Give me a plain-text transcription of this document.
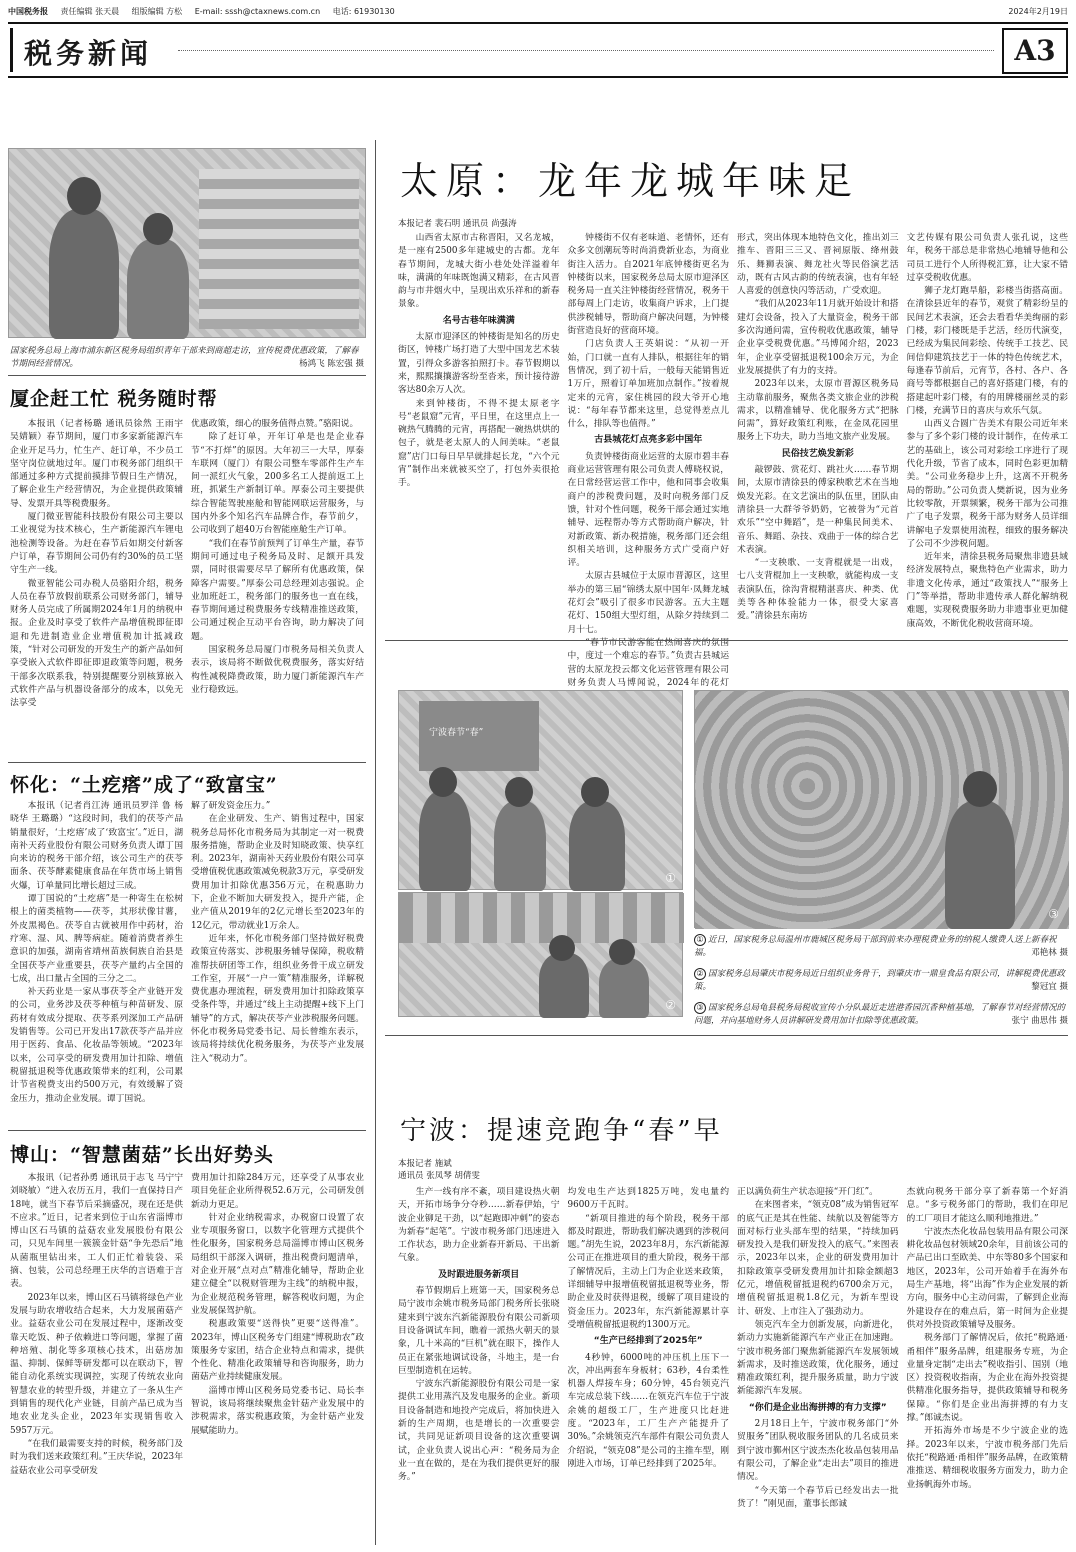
中国税务报 责任编辑 张天晨 组版编辑 方松 E-mail: sssh@ctaxnews.com.cn 电话: 61930130	2024年2月19日
税务新闻	A3
国家税务总局上海市浦东新区税务局组织青年干部来到商超走访，宣传税费优惠政策，了解春节期间经营情况。	杨鸿飞 陈宏强 摄
厦企赶工忙 税务随时帮

本报讯（记者杨璐 通讯员徐然 王雨宇 吴婧颖）春节期间，厦门市多家新能源汽车企业开足马力，忙生产、赶订单，不少员工坚守岗位就地过年。厦门市税务部门组织干部通过多种方式提前摸排节假日生产情况，了解企业生产经营情况，为企业提供政策辅导、发票开具等税费服务。

厦门微亚智能科技股份有限公司主要以工业视觉为技术核心，生产新能源汽车锂电池检测等设备。为赶在春节后如期交付新客户订单，春节期间公司仍有约30%的员工坚守生产一线。

微亚智能公司办税人员骆阳介绍，税务人员在春节放假前联系公司财务部门，辅导财务人员完成了所属期2024年1月的纳税申报。企业及时享受了软件产品增值税即征即退和先进制造业企业增值税加计抵减政策，“针对公司研发的开发生产的新产品如何享受嵌入式软件即征即退政策等问题，税务干部多次联系我，特别提醒要分别核算嵌入式软件产品与机器设备部分的成本，以免无法享受

优惠政策，细心的服务值得点赞。”骆阳说。

除了赶订单，开年订单是也是企业春节“不打烊”的原因。大年初三一大早，厚泰车联网（厦门）有限公司整车零部件生产车间一派红火气象，200多名工人提前返工上班，抓紧生产新制订单。厚泰公司主要提供综合智能驾驶座舱和智能网联运营服务，与国内外多个知名汽车品牌合作，春节前夕，公司收到了超40万台智能座舱生产订单。

“我们在春节前预判了订单生产量，春节期间可通过电子税务局及时、足额开具发票，同时很需要尽早了解所有优惠政策，保障客户需要。”厚泰公司总经理刘志强说。企业加班赶工，税务部门的服务也一直在线，春节期间通过税费服务专线精准推送政策，公司通过税企互动平台咨询，助力解决了问题。

国家税务总局厦门市税务局相关负责人表示，该局将不断做优税费服务，落实好结构性减税降费政策，助力厦门新能源汽车产业行稳致远。

怀化：“土疙瘩”成了“致富宝”

本报讯（记者肖江涛 通讯员罗洋 鲁 杨晓华 王璐璐）“这段时间，我们的茯苓产品销量很好，‘土疙瘩’成了‘致富宝’。”近日，湖南补天药业股份有限公司财务负责人谭丁国向来访的税务干部介绍，该公司生产的茯苓面条、茯苓酵素健康食品在年货市场上销售火爆，订单量同比增长超过三成。

谭丁国说的“土疙瘩”是一种寄生在松树根上的菌类植物——茯苓，其形状像甘薯，外皮黑褐色。茯苓自古就被用作中药材，治疗寒、湿、风、脾等病症。随着消费者养生意识的加强，湖南省靖州苗族侗族自治县是全国茯苓产业重要县，茯苓产量约占全国的七成，出口量占全国的三分之二。

补天药业是一家从事茯苓全产业链开发的公司，业务涉及茯苓种植与种苗研发、原药材有效成分提取、茯苓系列深加工产品研发销售等。公司已开发出17款茯苓产品并应用于医药、食品、化妆品等领域。“2023年以来，公司享受的研发费用加计扣除、增值税留抵退税等优惠政策带来的红利，公司累计节省税费支出约500万元，有效缓解了资金压力，推动企业发展。谭丁国说。

解了研发资金压力。”

在企业研发、生产、销售过程中，国家税务总局怀化市税务局为其制定一对一税费服务措施，帮助企业及时知晓政策、快享红利。2023年，湖南补天药业股份有限公司享受增值税优惠政策减免税款3万元，享受研发费用加计扣除优惠356万元，在税惠助力下，企业不断加大研发投入，提升产能，企业产值从2019年的2亿元增长至2023年的12亿元，带动就业1万余人。

近年来，怀化市税务部门坚持做好税费政策宣传落实、涉税服务辅导保障，税收精准帮扶研团等工作，组织业务骨干成立研发工作室，开展“一户一策”精准服务，详解税费优惠办理流程，研发费用加计扣除政策享受条件等，并通过“线上主动提醒+线下上门辅导”的方式，解决茯苓产业涉税服务问题。怀化市税务局党委书记、局长曾维东表示，该局将持续优化税务服务，为茯苓产业发展注入“税动力”。

博山：“智慧菌菇”长出好势头

本报讯（记者孙勇 通讯员于志飞 马宁宁 刘晓敏）“进入农历五月，我们一直保持日产18吨，就当下春节后采摘盛况，现在还是供不应求。”近日，记者来到位于山东省淄博市博山区石马镇的益菇农业发展股份有限公司，只见车间里一簇簇金针菇“争先恐后”地从菌瓶里钻出来，工人们正忙着装袋、采摘、包装，公司总经理王庆华的言语难于言表。

2023年以来，博山区石马镇将绿色产业发展与助农增收结合起来，大力发展菌菇产业。益菇农业公司在发展过程中，逐渐改变靠天吃饭、种子依赖进口等问题，掌握了菌种培殖、制化等多项核心技术，出菇房加温、抑制、保鲜等研发都可以在联动下，智能自动化系统实现调控，实现了传统农业向智慧农业的转型升级，并建立了一条从生产到销售的现代化产业链，目前产品已成为当地农业龙头企业，2023年实现销售收入5957万元。

“在我们最需要支持的时候，税务部门及时为我们送来政策红利。”王庆华说，2023年益菇农业公司享受研发

费用加计扣除284万元，还享受了从事农业项目免征企业所得税52.6万元，公司研发创新动力更足。

针对企业纳税需求，办税窗口设置了农业专项服务窗口，以数字化管理方式提供个性化服务，国家税务总局淄博市博山区税务局组织干部深入调研，推出税费问题清单，对企业开展“点对点”精准化辅导，帮助企业建立健全“以税财管理为主线”的纳税申报，为企业规范税务管理，解答税收问题，为企业发展保驾护航。

税惠政策要“送得快”更要“送得准”。2023年，博山区税务专门组建“博税助农”政策服务专家团，结合企业特点和需求，提供个性化、精准化政策辅导和咨询服务，助力菌菇产业持续健康发展。

淄博市博山区税务局党委书记、局长李智说，该局将继续聚焦金针菇产业发展中的涉税需求，落实税惠政策，为金针菇产业发展赋能助力。

太原：龙年龙城年味足
本报记者 裴石明 通讯员 尚强涛

山西省太原市古称晋阳，又名龙城，是一座有2500多年建城史的古都。龙年春节期间，龙城大街小巷处处洋溢着年味，满满的年味既饱满又精彩，在古风晋韵与市井烟火中，呈现出欢乐祥和的新春景象。

名号古巷年味满满

太原市迎泽区的钟楼街是知名的历史街区，钟楼广场打造了大型中国龙艺术装置，引得众多游客拍照打卡。春节假期以来，熙熙攘攘游客纷至沓来，预计接待游客达80余万人次。

来到钟楼街，不得不提太原老字号“老鼠窟”元宵，平日里，在这里点上一碗热气腾腾的元宵，再搭配一碗热烘烘的包子，就是老太原人的人间美味。“老鼠窟”店门口每日早早就排起长龙，“六个元宵”制作出来就被买空了，打包外卖很抢手。

钟楼街不仅有老味道、老情怀，还有众多文创潮玩等时尚消费新业态，为商业街注入活力。自2021年底钟楼街更名为钟楼街以来，国家税务总局太原市迎泽区税务局一直关注钟楼街经营情况，税务干部每周上门走访，收集商户诉求，上门提供涉税辅导，帮助商户解决问题，为钟楼街营造良好的营商环境。

门店负责人王英娟说：“从初一开始，门口就一直有人排队，根据往年的销售情况，到了初十后，一般每天能销售近1万斤，照着订单加班加点制作。”按着规定来的元宵，家住桃园的段大爷开心地说：“每年春节都来这里，总觉得差点儿什么，排队等也值得。”

古县城花灯点亮多彩中国年

负责钟楼街商业运营的太原市碧丰春商业运营管理有限公司负责人傅晓权说，在日常经营运营工作中，他和同事会收集商户的涉税费问题，及时向税务部门反馈，针对个性问题，税务干部会通过实地辅导、远程帮办等方式帮助商户解决，针对新政策、新办税措施，税务部门还会组织相关培训，这种服务方式广受商户好评。

太原古县城位于太原市晋源区，这里举办的第三届“锦绣太原中国年·凤舞龙城花灯会”吸引了很多市民游客。五大主题花灯、150组大型灯组，从除夕持续到二月十七。

“春节市民游客能在热闹喜庆的氛围中，度过一个难忘的春节。”负责古县城运营的太原龙投云都文化运营管理有限公司财务负责人马博闻说，2024年的花灯

形式，突出体现本地特色文化，推出刘三推车、晋阳三三又、晋祠原版、绛州鼓乐、舞狮表演、舞龙社火等民俗演艺活动，既有古风古韵的传统表演，也有年轻人喜爱的创意快闪等活动，广受欢迎。

“我们从2023年11月就开始设计和搭建灯会设备，投入了大量资金，税务干部多次沟通问需，宣传税收优惠政策，辅导企业享受税费优惠。”马博闻介绍，2023年，企业享受留抵退税100余万元，为企业发展提供了有力的支持。

2023年以来，太原市晋源区税务局主动靠前服务，聚焦各类文旅企业的涉税需求，以精准辅导、优化服务方式“把脉问需”，算好政策红利账，在金凤花园里服务上下功夫，助力当地文旅产业发展。

民俗技艺焕发新彩

敲锣鼓、赏花灯、跳社火……春节期间，太原市清徐县的傅家秧歌艺术在当地焕发光彩。在文艺演出的队伍里，团队由清徐县一大群爷爷奶奶，它被誉为“元首欢乐”“空中舞蹈”，是一种集民间美术、音乐、舞蹈、杂技、戏曲于一体的综合艺术表演。

“一支秧歌、一支背棍就是一出戏，七八支背棍加上一支秧歌，就能构成一支表演队伍，徐沟背棍精湛喜庆、种类、优美等各种体验能力一体，很受大家喜爱。”清徐县东南坊

文艺传媒有限公司负责人张孔说，这些年，税务干部总是非常热心地辅导他和公司员工进行个人所得税汇算，让大家不错过享受税收优惠。

狮子龙灯跑旱船，彩楼当街搭高面。在清徐县近年的春节，观赏了精彩纷呈的民间艺术表演，还会去看看华美绚丽的彩门楼，彩门楼既是手艺活，经历代演变，已经成为集民间彩绘、传统手工技艺、民间信仰建筑技艺于一体的特色传统艺术，每逢春节前后，元宵节，各村、各户、各商号等都根据自己的喜好搭建门楼，有的搭建起叶彩门楼，有的用牌楼丽丝灵的彩门楼，充满节日的喜庆与欢乐气氛。

山西义合圆广告美术有限公司近年来参与了多个彩门楼的设计制作，在传承工艺的基础上，该公司对彩绘工序进行了现代化升级，节省了成本，同时色彩更加精美。“公司业务稳步上升，这离不开税务局的帮助。”公司负责人樊新说，因为业务比较零散，开票频繁，税务干部为公司推广了电子发票，税务干部为财务人员详细讲解电子发票使用流程，细致的服务解决了公司不少涉税问题。

近年来，清徐县税务局聚焦非遗县域经济发展特点，聚焦特色产业需求，助力非遗文化传承，通过“政策找人”“服务上门”等举措，帮助非遗传承人群化解纳税难题，实现税费服务助力非遗事业更加健康高效，不断优化税收营商环境。

宁波春节“春”
①
②
③
① 近日，国家税务总局温州市鹿城区税务局干部到前来办理税费业务的纳税人缴费人送上新春祝福。	邓艳林 摄
② 国家税务总局肇庆市税务局近日组织业务骨干，到肇庆市一鼎皇食品有限公司，讲解税费优惠政策。	黎冠宜 摄
③ 国家税务总局龟县税务局税收宣传小分队最近走进港香园沉香种植基地，了解春节对经营情况的问题，并向基地财务人员讲解研发费用加计扣除等优惠政策。	张宁 曲思伟 摄
宁波：提速竞跑争“春”早
本报记者 施斌
通讯员 张凤琴 胡倩雯

生产一线有序不紊，项目建设热火朝天，开拓市场争分夺秒……新春伊始，宁波企业铆足干劲，以“起跑即冲刺”的姿态为新春“起笔”。宁波市税务部门迅速进入工作状态，助力企业新春开新局、干出新气象。

及时跟进服务新项目

春节假期后上班第一天，国家税务总局宁波市余姚市税务局部门税务所长张晓建来到宁波东汽新能源股份有限公司新项目设备调试车间，瞧着一派热火朝天的景象，几十米高的“巨机”就在眼下，操作人员正在紧张地调试设备，斗地主，是一台巨型制造机在运转。

宁波东汽新能源股份有限公司是一家提供工业用蒸汽及发电服务的企业。新项目设备制造和地投产完成后，将加快进入新的生产周期，也是增长的一次重要尝试，共同见证新项目设备的这次重要调试，企业负责人说出心声：“税务局为企业一直在做的，是在为我们提供更好的服务。”

均发电生产达到1825万吨，发电量约9600万千瓦时。

“新项目推进的每个阶段，税务干部都及时跟进，帮助我们解决遇到的涉税问题。”胡先生说，2023年8月，东汽新能源公司正在推进项目的重大阶段，税务干部了解情况后，主动上门为企业送来政策，详细辅导申报增值税留抵退税等业务，帮助企业及时获得退税，缓解了项目建设的资金压力。2023年，东汽新能源累计享受增值税留抵退税约1300万元。

“生产已经排到了2025年”

4秒钟，6000吨的冲压机上压下一次，冲出两套车身板材；63秒，4台柔性机器人焊接车身；60分钟，45台领克汽车完成总装下线……在领克汽车位于宁波余姚的超级工厂，生产进度只比赶进度。“2023年，工厂生产产能提升了30%。”余姚领克汽车部件有限公司负责人介绍说，“领克08”是公司的主推车型，刚刚进入市场，订单已经排到了2025年。

正以满负荷生产状态迎接“开门红”。

在来图者来，“领克08”成为销售冠军的底气正是其在性能、续航以及智能等方面对标行业头部车型的结果，“持续加码研发投入是我们研发投入的底气。”来图表示，2023年以来，企业的研发费用加计扣除政策享受研发费用加计扣除金额超3亿元，增值税留抵退税约6700余万元，增值税留抵退税1.8亿元，为新车型设计、研发、上市注入了强劲动力。

领克汽车全力创新发展，向新进化，新动力实施新能源汽车产业正在加速跑。宁波市税务部门聚焦新能源汽车发展领域新需求，及时推送政策，优化服务，通过精准政策红利，提升服务质量，助力宁波新能源汽车发展。

“你们是企业出海拼搏的有力支撑”

2月18日上午，宁波市税务部门“外贸服务”团队税收服务团队的几名成员来到宁波市鄞州区宁波杰杰化妆品包装用品有限公司，了解企业“走出去”项目的推进情况。

“今天第一个春节后已经发出去一批货了！”刚见面，董事长郎诚

杰就向税务干部分享了新春第一个好消息。“多亏税务部门的帮助，我们在印尼的工厂项目才能这么顺利地推进。”

宁波杰杰化妆品包装用品有限公司深耕化妆品包材领域20余年，目前该公司的产品已出口至欧美、中东等80多个国家和地区，2023年，公司开始着手在海外布局生产基地，将“出海”作为企业发展的新方向，服务中心主动问需，了解到企业海外建设存在的难点后，第一时间为企业提供对外投资政策辅导及服务。

税务部门了解情况后，依托“税路通·甬相伴”服务品牌，组建服务专班，为企业量身定制“走出去”税收指引、国别（地区）投资税收指南，为企业在海外投资提供精准化服务指导，提供政策辅导和税务保障。“你们是企业出海拼搏的有力支撑。”郎诚杰说。

开拓海外市场是不少宁波企业的选择。2023年以来，宁波市税务部门先后依托“税路通·甬相伴”服务品牌，在政策精准推送、精细税收服务方面发力，助力企业扬帆海外市场。
